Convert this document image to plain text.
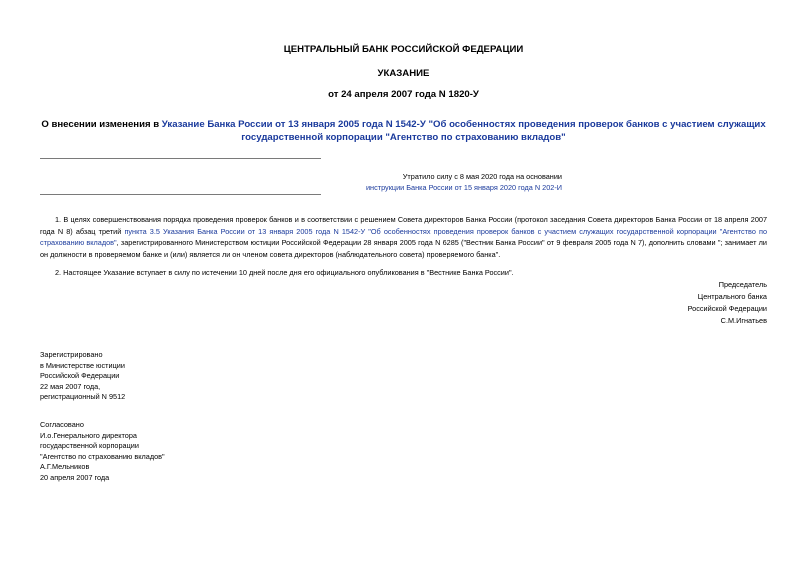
ЦЕНТРАЛЬНЫЙ БАНК РОССИЙСКОЙ ФЕДЕРАЦИИ
УКАЗАНИЕ
от 24 апреля 2007 года N 1820-У
О внесении изменения в Указание Банка России от 13 января 2005 года N 1542-У "Об особенностях проведения проверок банков с участием служащих государственной корпорации "Агентство по страхованию вкладов"
Утратило силу с 8 мая 2020 года на основании
инструкции Банка России от 15 января 2020 года N 202-И

1. В целях совершенствования порядка проведения проверок банков и в соответствии с решением Совета директоров Банка России (протокол заседания Совета директоров Банка России от 18 апреля 2007 года N 8) абзац третий пункта 3.5 Указания Банка России от 13 января 2005 года N 1542-У "Об особенностях проведения проверок банков с участием служащих государственной корпорации "Агентство по страхованию вкладов", зарегистрированного Министерством юстиции Российской Федерации 28 января 2005 года N 6285 ("Вестник Банка России" от 9 февраля 2005 года N 7), дополнить словами "; занимает ли он должности в проверяемом банке и (или) является ли он членом совета директоров (наблюдательного совета) проверяемого банка".

2. Настоящее Указание вступает в силу по истечении 10 дней после дня его официального опубликования в "Вестнике Банка России".

Председатель
Центрального банка
Российской Федерации
С.М.Игнатьев
Зарегистрировано
в Министерстве юстиции
Российской Федерации
22 мая 2007 года,
регистрационный N 9512
Согласовано
И.о.Генерального директора
государственной корпорации
"Агентство по страхованию вкладов"
А.Г.Мельников
20 апреля 2007 года
